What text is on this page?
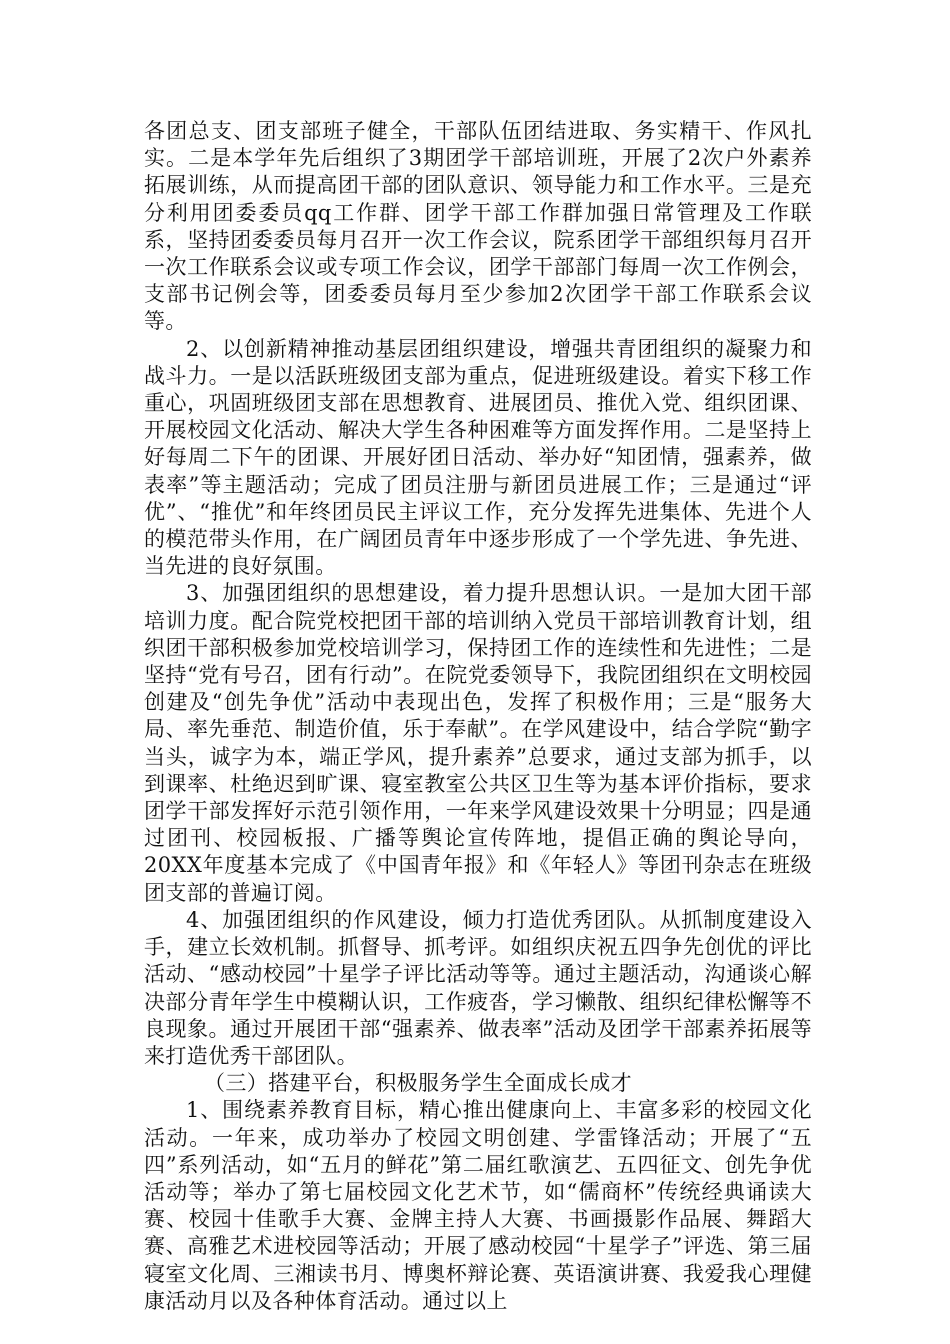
各团总支、团支部班子健全，干部队伍团结进取、务实精干、作风扎实。二是本学年先后组织了3期团学干部培训班，开展了2次户外素养拓展训练，从而提高团干部的团队意识、领导能力和工作水平。三是充分利用团委委员qq工作群、团学干部工作群加强日常管理及工作联系，坚持团委委员每月召开一次工作会议，院系团学干部组织每月召开一次工作联系会议或专项工作会议，团学干部部门每周一次工作例会，支部书记例会等，团委委员每月至少参加2次团学干部工作联系会议等。

2、以创新精神推动基层团组织建设，增强共青团组织的凝聚力和战斗力。一是以活跃班级团支部为重点，促进班级建设。着实下移工作重心，巩固班级团支部在思想教育、进展团员、推优入党、组织团课、开展校园文化活动、解决大学生各种困难等方面发挥作用。二是坚持上好每周二下午的团课、开展好团日活动、举办好“知团情，强素养，做表率”等主题活动；完成了团员注册与新团员进展工作；三是通过“评优”、“推优”和年终团员民主评议工作，充分发挥先进集体、先进个人的模范带头作用，在广阔团员青年中逐步形成了一个学先进、争先进、当先进的良好氛围。

3、加强团组织的思想建设，着力提升思想认识。一是加大团干部培训力度。配合院党校把团干部的培训纳入党员干部培训教育计划，组织团干部积极参加党校培训学习，保持团工作的连续性和先进性；二是坚持“党有号召，团有行动”。在院党委领导下，我院团组织在文明校园创建及“创先争优”活动中表现出色，发挥了积极作用；三是“服务大局、率先垂范、制造价值，乐于奉献”。在学风建设中，结合学院“勤字当头，诚字为本，端正学风，提升素养”总要求，通过支部为抓手，以到课率、杜绝迟到旷课、寝室教室公共区卫生等为基本评价指标，要求团学干部发挥好示范引领作用，一年来学风建设效果十分明显；四是通过团刊、校园板报、广播等舆论宣传阵地，提倡正确的舆论导向，20XX年度基本完成了《中国青年报》和《年轻人》等团刊杂志在班级团支部的普遍订阅。

4、加强团组织的作风建设，倾力打造优秀团队。从抓制度建设入手，建立长效机制。抓督导、抓考评。如组织庆祝五四争先创优的评比活动、“感动校园”十星学子评比活动等等。通过主题活动，沟通谈心解决部分青年学生中模糊认识，工作疲沓，学习懒散、组织纪律松懈等不良现象。通过开展团干部“强素养、做表率”活动及团学干部素养拓展等来打造优秀干部团队。

（三）搭建平台，积极服务学生全面成长成才

1、围绕素养教育目标，精心推出健康向上、丰富多彩的校园文化活动。一年来，成功举办了校园文明创建、学雷锋活动；开展了“五四”系列活动，如“五月的鲜花”第二届红歌演艺、五四征文、创先争优活动等；举办了第七届校园文化艺术节，如“儒商杯”传统经典诵读大赛、校园十佳歌手大赛、金牌主持人大赛、书画摄影作品展、舞蹈大赛、高雅艺术进校园等活动；开展了感动校园“十星学子”评选、第三届寝室文化周、三湘读书月、博奥杯辩论赛、英语演讲赛、我爱我心理健康活动月以及各种体育活动。通过以上
